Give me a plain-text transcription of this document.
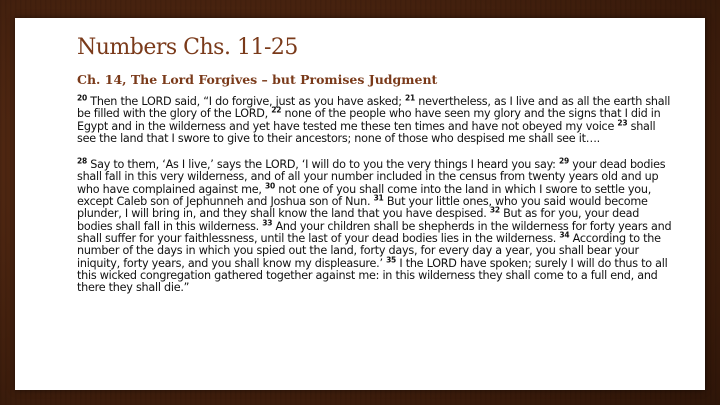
Numbers Chs. 11-25
Ch. 14, The Lord Forgives – but Promises Judgment

$^{20}$ Then the LORD said, “I do forgive, just as you have asked; $^{21}$ nevertheless, as I live and as all the earth shall be filled with the glory of the LORD, $^{22}$ none of the people who have seen my glory and the signs that I did in Egypt and in the wilderness and yet have tested me these ten times and have not obeyed my voice $^{23}$ shall see the land that I swore to give to their ancestors; none of those who despised me shall see it….

$^{28}$ Say to them, ‘As I live,’ says the LORD, ‘I will do to you the very things I heard you say: $^{29}$ your dead bodies shall fall in this very wilderness, and of all your number included in the census from twenty years old and up who have complained against me, $^{30}$ not one of you shall come into the land in which I swore to settle you, except Caleb son of Jephunneh and Joshua son of Nun. $^{31}$ But your little ones, who you said would become plunder, I will bring in, and they shall know the land that you have despised. $^{32}$ But as for you, your dead bodies shall fall in this wilderness. $^{33}$ And your children shall be shepherds in the wilderness for forty years and shall suffer for your faithlessness, until the last of your dead bodies lies in the wilderness. $^{34}$ According to the number of the days in which you spied out the land, forty days, for every day a year, you shall bear your iniquity, forty years, and you shall know my displeasure.’ $^{35}$ I the LORD have spoken; surely I will do thus to all this wicked congregation gathered together against me: in this wilderness they shall come to a full end, and there they shall die.”
